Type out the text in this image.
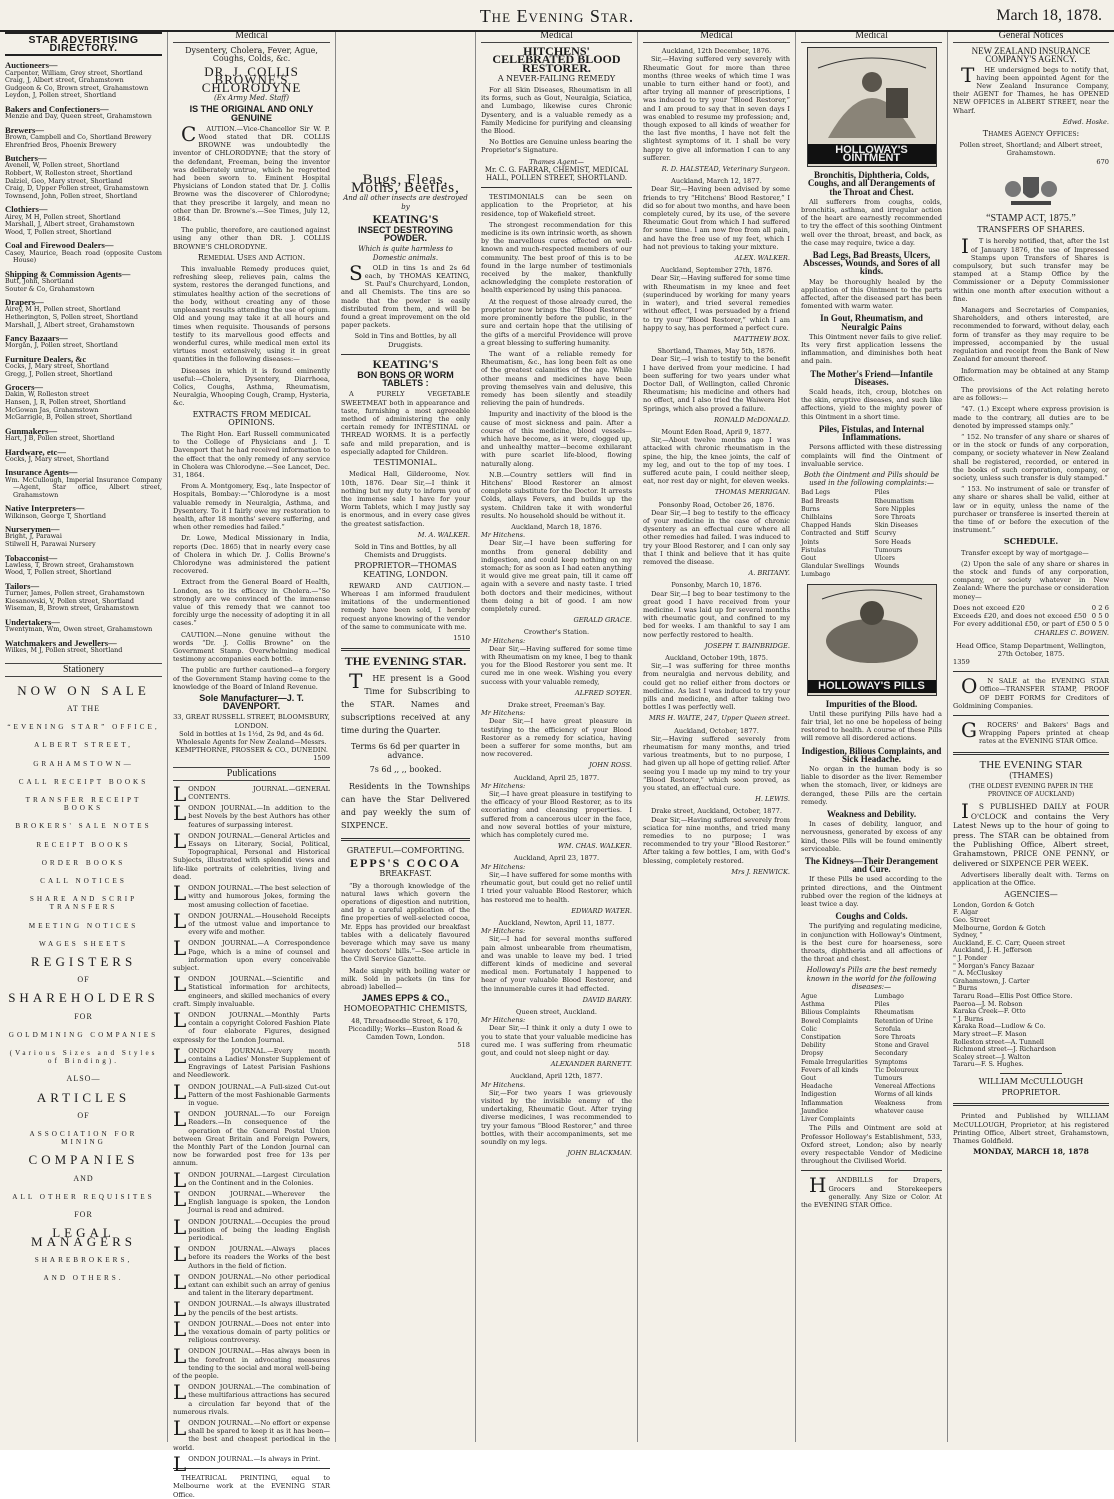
The Evening Star.	March 18, 1878.
STAR ADVERTISING DIRECTORY.
Auctioneers—
Carpenter, William, Grey street, Shortland
Craig, J, Albert street, Grahamstown
Gudgeon & Co, Brown street, Grahamstown
Leydon, J, Pollen street, Shortland
Bakers and Confectioners—
Menzie and Day, Queen street, Grahamstown
Brewers—
Brown, Campbell and Co, Shortland Brewery
Ehrenfried Bros, Phoenix Brewery
Butchers—
Avenell, W, Pollen street, Shortland
Robbert, W, Rolleston street, Shortland
Dalziel, Geo, Mary street, Shortland
Craig, D, Upper Pollen street, Grahamstown
Townsend, John, Pollen street, Shortland
Clothiers—
Airey, M H, Pollen street, Shortland
Marshall, J, Albert street, Grahamstown
Wood, T, Pollen street, Shortland
Coal and Firewood Dealers—
Casey, Maurice, Beach road (opposite Custom House)
Shipping & Commission Agents—
Butt, John, Shortland
Souter & Co, Grahamstown
Drapers—
Airey, M H, Pollen street, Shortland
Hetherington, S, Pollen street, Shortland
Marshall, J, Albert street, Grahamstown
Fancy Bazaars—
Morgan, J, Pollen street, Shortland
Furniture Dealers, &c
Cocks, J, Mary street, Shortland
Gregg, J, Pollen street, Shortland
Grocers—
Dakin, W, Rolleston street
Hansen, J, R, Pollen street, Shortland
McGowan Jas, Grahamstown
McGarrigle, B, Pollen street, Shortland
Gunmakers—
Hart, J B, Pollen street, Shortland
Hardware, etc—
Cocks, J, Mary street, Shortland
Insurance Agents—
Wm. McCullough, Imperial Insurance Company—Agent, Star office, Albert street, Grahamstown
Native Interpreters—
Wilkinson, George T, Shortland
Nurserymen—
Bright, J, Parawai
Stilwell H, Parawai Nursery
Tobacconist—
Lawless, T, Brown street, Grahamstown
Wood, T, Pollen street, Shortland
Tailors—
Turner, James, Pollen street, Grahamstown
Kiesanowski, V, Pollen street, Shortland
Wiseman, B, Brown street, Grahamstown
Undertakers—
Twentyman, Wm, Owen street, Grahamstown
Watchmakers and Jewellers—
Wilkes, M J, Pollen street, Shortland
Stationery
NOW ON SALE
AT THE
“EVENING STAR” OFFICE,
ALBERT STREET,
GRAHAMSTOWN—
CALL RECEIPT BOOKS
TRANSFER RECEIPT BOOKS
BROKERS' SALE NOTES
RECEIPT BOOKS
ORDER BOOKS
CALL NOTICES
SHARE AND SCRIP TRANSFERS
MEETING NOTICES
WAGES SHEETS
REGISTERS
OF
SHAREHOLDERS
FOR
GOLDMINING COMPANIES
(Various Sizes and Styles of Binding).
ALSO—
ARTICLES
OF
ASSOCIATION FOR MINING
COMPANIES
AND
ALL OTHER REQUISITES
FOR
LEGAL MANAGERS
SHAREBROKERS,
AND OTHERS.
Medical
Dysentery, Cholera, Fever, Ague, Coughs, Colds, &c.
DR. J. COLLIS BROWNE'S CHLORODYNE
(Ex Army Med. Staff)
IS THE ORIGINAL AND ONLY GENUINE

CAUTION.—Vice-Chancellor Sir W. P. Wood stated that DR. COLLIS BROWNE was undoubtedly the inventor of CHLORODYNE; that the story of the defendant, Freeman, being the inventor was deliberately untrue, which he regretted had been sworn to. Eminent Hospital Physicians of London stated that Dr. J. Collis Browne was the discoverer of Chlorodyne; that they prescribe it largely, and mean no other than Dr. Browne's.—See Times, July 12, 1864.

The public, therefore, are cautioned against using any other than DR. J. COLLIS BROWNE'S CHLORODYNE.

Remedial Uses and Action.

This invaluable Remedy produces quiet, refreshing sleep, relieves pain, calms the system, restores the deranged functions, and stimulates healthy action of the secretions of the body, without creating any of those unpleasant results attending the use of opium. Old and young may take it at all hours and times when requisite. Thousands of persons testify to its marvellous good effects and wonderful cures, while medical men extol its virtues most extensively, using it in great quantities in the following diseases:—

Diseases in which it is found eminently useful:—Cholera, Dysentery, Diarrhoea, Colics, Coughs, Asthma, Rheumatism, Neuralgia, Whooping Cough, Cramp, Hysteria, &c.

EXTRACTS FROM MEDICAL OPINIONS.

The Right Hon. Earl Russell communicated to the College of Physicians and J. T. Davenport that he had received information to the effect that the only remedy of any service in Cholera was Chlorodyne.—See Lancet, Dec. 31, 1864.

From A. Montgomery, Esq., late Inspector of Hospitals, Bombay:—“Chlorodyne is a most valuable remedy in Neuralgia, Asthma, and Dysentery. To it I fairly owe my restoration to health, after 18 months' severe suffering, and when other remedies had failed.”

Dr. Lowe, Medical Missionary in India, reports (Dec. 1865) that in nearly every case of Cholera in which Dr. J. Collis Browne's Chlorodyne was administered the patient recovered.

Extract from the General Board of Health, London, as to its efficacy in Cholera.—“So strongly are we convinced of the immense value of this remedy that we cannot too forcibly urge the necessity of adopting it in all cases.”

CAUTION.—None genuine without the words “Dr. J. Collis Browne” on the Government Stamp. Overwhelming medical testimony accompanies each bottle.

The public are further cautioned—a forgery of the Government Stamp having come to the knowledge of the Board of Inland Revenue.

Sole Manufacturer—J. T. DAVENPORT.
33, GREAT RUSSELL STREET, BLOOMSBURY, LONDON.
Sold in bottles at 1s 1½d, 2s 9d, and 4s 6d.
Wholesale Agents for New Zealand—Messrs. KEMPTHORNE, PROSSER & CO., DUNEDIN.
1509
Publications

LONDON JOURNAL.—GENERAL CONTENTS.

LONDON JOURNAL.—In addition to the best Novels by the best Authors has other features of surpassing interest.

LONDON JOURNAL.—General Articles and Essays on Literary, Social, Political, Topographical, Personal and Historical Subjects, illustrated with splendid views and life-like portraits of celebrities, living and dead.

LONDON JOURNAL.—The best selection of witty and humorous Jokes, forming the most amusing collection of facetiae.

LONDON JOURNAL.—Household Receipts of the utmost value and importance to every wife and mother.

LONDON JOURNAL.—A Correspondence Page, which is a mine of counsel and information upon every conceivable subject.

LONDON JOURNAL.—Scientific and Statistical information for architects, engineers, and skilled mechanics of every craft. Simply invaluable.

LONDON JOURNAL.—Monthly Parts contain a copyright Colored Fashion Plate of four elaborate Figures, designed expressly for the London Journal.

LONDON JOURNAL.—Every month contains a Ladies' Monster Supplement of Engravings of Latest Parisian Fashions and Needlework.

LONDON JOURNAL.—A Full-sized Cut-out Pattern of the most Fashionable Garments in vogue.

LONDON JOURNAL.—To our Foreign Readers.—In consequence of the operation of the General Postal Union between Great Britain and Foreign Powers, the Monthly Part of the London Journal can now be forwarded post free for 13s per annum.

LONDON JOURNAL.—Largest Circulation on the Continent and in the Colonies.

LONDON JOURNAL.—Wherever the English language is spoken, the London Journal is read and admired.

LONDON JOURNAL.—Occupies the proud position of being the leading English periodical.

LONDON JOURNAL.—Always places before its readers the Works of the best Authors in the field of fiction.

LONDON JOURNAL.—No other periodical extant can exhibit such an array of genius and talent in the literary department.

LONDON JOURNAL.—Is always illustrated by the pencils of the best artists.

LONDON JOURNAL.—Does not enter into the vexatious domain of party politics or religious controversy.

LONDON JOURNAL.—Has always been in the forefront in advocating measures tending to the social and moral well-being of the people.

LONDON JOURNAL.—The combination of these multifarious attractions has secured a circulation far beyond that of the numerous rivals.

LONDON JOURNAL.—No effort or expense shall be spared to keep it as it has been—the best and cheapest periodical in the world.

LONDON JOURNAL.—Is always in Print.

THEATRICAL PRINTING, equal to Melbourne work at the EVENING STAR Office.

Bugs, Fleas, Moths, Beetles,
And all other insects are destroyed by
KEATING'S
INSECT DESTROYING POWDER.
Which is quite harmless to Domestic animals.

SOLD in tins 1s and 2s 6d each, by THOMAS KEATING, St. Paul's Churchyard, London, and all Chemists. The tins are so made that the powder is easily distributed from them, and will be found a great improvement on the old paper packets.

Sold in Tins and Bottles, by all Druggists.
KEATING'S
BON BONS OR WORM TABLETS :

A PURELY VEGETABLE SWEETMEAT both in appearance and taste, furnishing a most agreeable method of administering the only certain remedy for INTESTINAL or THREAD WORMS. It is a perfectly safe and mild preparation, and is especially adapted for Children.

TESTIMONIAL.

Medical Hall, Gilderoome, Nov. 10th, 1876. Dear Sir,—I think it nothing but my duty to inform you of the immense sale I have for your Worm Tablets, which I may justly say is enormous, and in every case gives the greatest satisfaction.

M. A. WALKER.
Sold in Tins and Bottles, by all Chemists and Druggists.
PROPRIETOR—THOMAS KEATING, LONDON.

REWARD AND CAUTION.—Whereas I am informed fraudulent imitations of the undermentioned remedy have been sold, I hereby request anyone knowing of the vendor of the same to communicate with me.

1510
THE EVENING STAR.

THE present is a Good Time for Subscribing to the STAR. Names and subscriptions received at any time during the Quarter.

Terms 6s 6d per quarter in advance.
7s 6d ,, ,, booked.

Residents in the Townships can have the Star Delivered and pay weekly the sum of SIXPENCE.

GRATEFUL—COMFORTING.
EPPS'S COCOA
BREAKFAST.

“By a thorough knowledge of the natural laws which govern the operations of digestion and nutrition, and by a careful application of the fine properties of well-selected cocoa, Mr. Epps has provided our breakfast tables with a delicately flavoured beverage which may save us many heavy doctors' bills.”—See article in the Civil Service Gazette.

Made simply with boiling water or milk. Sold in packets (in tins for abroad) labelled—

JAMES EPPS & CO.,
HOMOEOPATHIC CHEMISTS,
48, Threadneedle Street, & 170, Piccadilly; Works—Euston Road & Camden Town, London.
518
Medical
HITCHENS' CELEBRATED BLOOD RESTORER.
A NEVER-FAILING REMEDY

For all Skin Diseases, Rheumatism in all its forms, such as Gout, Neuralgia, Sciatica, and Lumbago, likewise cures Chronic Dysentery, and is a valuable remedy as a Family Medicine for purifying and cleansing the Blood.

No Bottles are Genuine unless bearing the Proprietor's Signature.

Thames Agent—
Mr. C. G. FARRAR, CHEMIST, MEDICAL HALL, POLLEN STREET, SHORTLAND.

TESTIMONIALS can be seen on application to the Proprietor, at his residence, top of Wakefield street.

The strongest recommendation for this medicine is its own intrinsic worth, as shown by the marvellous cures effected on well-known and much-respected members of our community. The best proof of this is to be found in the large number of testimonials received by the maker, thankfully acknowledging the complete restoration of health experienced by using this panacea.

At the request of those already cured, the proprietor now brings the “Blood Restorer” more prominently before the public, in the sure and certain hope that the utilising of the gifts of a merciful Providence will prove a great blessing to suffering humanity.

The want of a reliable remedy for Rheumatism, &c., has long been felt as one of the greatest calamities of the age. While other means and medicines have been proving themselves vain and delusive, this remedy has been silently and steadily relieving the pain of hundreds.

Impurity and inactivity of the blood is the cause of most sickness and pain. After a course of this medicine, blood vessels—which have become, as it were, clogged up, and unhealthy matter—become exhilarant with pure scarlet life-blood, flowing naturally along.

N.B.—Country settlers will find in Hitchens' Blood Restorer an almost complete substitute for the Doctor. It arrests Colds, allays Fevers, and builds up the system. Children take it with wonderful results. No household should be without it.

Auckland, March 18, 1876.
Mr Hitchens.

Dear Sir,—I have been suffering for months from general debility and indigestion, and could keep nothing on my stomach; for as soon as I had eaten anything it would give me great pain, till it came off again with a severe and nasty taste. I tried both doctors and their medicines, without them doing a bit of good. I am now completely cured.

GERALD GRACE.
Crowther's Station.
Mr Hitchens:

Dear Sir,—Having suffered for some time with Rheumatism on my knee, I beg to thank you for the Blood Restorer you sent me. It cured me in one week. Wishing you every success with your valuable remedy,

ALFRED SOYER.
Drake street, Freeman's Bay.
Mr Hitchens:

Dear Sir,—I have great pleasure in testifying to the efficiency of your Blood Restorer as a remedy for sciatica, having been a sufferer for some months, but am now recovered.

JOHN ROSS.
Auckland, April 25, 1877.
Mr Hitchens:

Sir,—I have great pleasure in testifying to the efficacy of your Blood Restorer, as to its excoriating and cleansing properties. I suffered from a cancerous ulcer in the face, and now several bottles of your mixture, which has completely cured me.

WM. CHAS. WALKER.
Auckland, April 23, 1877.
Mr Hitchens:

Sir,—I have suffered for some months with rheumatic gout, but could get no relief until I tried your valuable Blood Restorer, which has restored me to health.

EDWARD WATER.
Auckland, Newton, April 11, 1877.
Mr Hitchens:

Sir,—I had for several months suffered pain almost unbearable from rheumatism, and was unable to leave my bed. I tried different kinds of medicine and several medical men. Fortunately I happened to hear of your valuable Blood Restorer, and the innumerable cures it had effected.

DAVID BARRY.
Queen street, Auckland.
Mr Hitchens:

Dear Sir,—I think it only a duty I owe to you to state that your valuable medicine has cured me. I was suffering from rheumatic gout, and could not sleep night or day.

ALEXANDER BARNETT.
Auckland, April 12th, 1877.
Mr Hitchens.

Sir,—For two years I was grievously visited by the invisible enemy of the undertaking, Rheumatic Gout. After trying diverse medicines, I was recommended to try your famous “Blood Restorer,” and three bottles, with their accompaniments, set me soundly on my legs.

JOHN BLACKMAN.
Medical
Auckland, 12th December, 1876.

Sir,—Having suffered very severely with Rheumatic Gout for more than three months (three weeks of which time I was unable to turn either hand or foot), and after trying all manner of prescriptions, I was induced to try your “Blood Restorer,” and I am proud to say that in seven days I was enabled to resume my profession; and, though exposed to all kinds of weather for the last five months, I have not felt the slightest symptoms of it. I shall be very happy to give all information I can to any sufferer.

R. D. HALSTEAD, Veterinary Surgeon.
Auckland, March 12, 1877.

Dear Sir,—Having been advised by some friends to try “Hitchens' Blood Restorer,” I did so for about two months, and have been completely cured, by its use, of the severe Rheumatic Gout from which I had suffered for some time. I am now free from all pain, and have the free use of my feet, which I had not previous to taking your mixture.

ALEX. WALKER.
Auckland, September 27th, 1876.

Dear Sir,—Having suffered for some time with Rheumatism in my knee and feet (superinduced by working for many years in water), and tried several remedies without effect, I was persuaded by a friend to try your “Blood Restorer,” which I am happy to say, has performed a perfect cure.

MATTHEW BOX.
Shortland, Thames, May 5th, 1876.

Dear Sir,—I wish to testify to the benefit I have derived from your medicine. I had been suffering for two years under what Doctor Dall, of Wellington, called Chronic Rheumatism; his medicine and others had no effect, and I also tried the Waiwera Hot Springs, which also proved a failure.

RONALD McDONALD.
Mount Eden Road, April 9, 1877.

Sir,—About twelve months ago I was attacked with chronic rheumatism in the spine, the hip, the knee joints, the calf of my leg, and out to the top of my toes. I suffered acute pain, I could neither sleep, eat, nor rest day or night, for eleven weeks.

THOMAS MERRIGAN.
Ponsonby Road, October 26, 1876.

Dear Sir,—I beg to testify to the efficacy of your medicine in the case of chronic dysentery as an effectual cure where all other remedies had failed. I was induced to try your Blood Restorer, and I can only say that I think and believe that it has quite removed the disease.

A. BRITANY.
Ponsonby, March 10, 1876.

Dear Sir,—I beg to bear testimony to the great good I have received from your medicine. I was laid up for several months with rheumatic gout, and confined to my bed for weeks. I am thankful to say I am now perfectly restored to health.

JOSEPH T. BAINBRIDGE.
Auckland, October 19th, 1875.

Sir,—I was suffering for three months from neuralgia and nervous debility, and could get no relief either from doctors or medicine. As last I was induced to try your pills and medicine, and after taking two bottles I was perfectly well.

MRS H. WAITE, 247, Upper Queen street.
Auckland, October, 1877.

Sir,—Having suffered severely from rheumatism for many months, and tried various treatments, but to no purpose, I had given up all hope of getting relief. After seeing you I made up my mind to try your “Blood Restorer,” which soon proved, as you stated, an effectual cure.

H. LEWIS.
Drake street, Auckland, October, 1877.

Dear Sir,—Having suffered severely from sciatica for nine months, and tried many remedies to no purpose; I was recommended to try your “Blood Restorer.” After taking a few bottles, I am, with God's blessing, completely restored.

Mrs J. RENWICK.
Medical
HOLLOWAY'S OINTMENT
Bronchitis, Diphtheria, Colds, Coughs, and all Derangements of the Throat and Chest.

All sufferers from coughs, colds, bronchitis, asthma, and irregular action of the heart are earnestly recommended to try the effect of this soothing Ointment well over the throat, breast, and back, as the case may require, twice a day.

Bad Legs, Bad Breasts, Ulcers, Abscesses, Wounds, and Sores of all kinds.

May be thoroughly healed by the application of this Ointment to the parts affected, after the diseased part has been fomented with warm water.

In Gout, Rheumatism, and Neuralgic Pains

This Ointment never fails to give relief. Its very first application lessens the inflammation, and diminishes both heat and pain.

The Mother's Friend—Infantile Diseases.

Scald heads, itch, croup, blotches on the skin, eruptive diseases, and such like affections, yield to the mighty power of this Ointment in a short time.

Piles, Fistulas, and Internal Inflammations.

Persons afflicted with these distressing complaints will find the Ointment of invaluable service.

Both the Ointment and Pills should be used in the following complaints:—
Bad Legs
Bad Breasts
Burns
Chilblains
Chapped Hands
Contracted and Stiff Joints
Fistulas
Gout
Glandular Swellings
Lumbago
Piles
Rheumatism
Sore Nipples
Sore Throats
Skin Diseases
Scurvy
Sore Heads
Tumours
Ulcers
Wounds
HOLLOWAY'S PILLS
Impurities of the Blood.

Until these purifying Pills have had a fair trial, let no one be hopeless of being restored to health. A course of these Pills will remove all disordered actions.

Indigestion, Bilious Complaints, and Sick Headache.

No organ in the human body is so liable to disorder as the liver. Remember when the stomach, liver, or kidneys are deranged, these Pills are the certain remedy.

Weakness and Debility.

In cases of debility, languor, and nervousness, generated by excess of any kind, these Pills will be found eminently serviceable.

The Kidneys—Their Derangement and Cure.

If these Pills be used according to the printed directions, and the Ointment rubbed over the region of the kidneys at least twice a day.

Coughs and Colds.

The purifying and regulating medicine, in conjunction with Holloway's Ointment, is the best cure for hoarseness, sore throats, diphtheria and all affections of the throat and chest.

Holloway's Pills are the best remedy known in the world for the following diseases:—
Ague
Asthma
Bilious Complaints
Bowel Complaints
Colic
Constipation
Debility
Dropsy
Female Irregularities
Fevers of all kinds
Gout
Headache
Indigestion
Inflammation
Jaundice
Liver Complaints
Lumbago
Piles
Rheumatism
Retention of Urine
Scrofula
Sore Throats
Stone and Gravel
Secondary Symptoms
Tic Doloureux
Tumours
Venereal Affections
Worms of all kinds
Weakness from whatever cause

The Pills and Ointment are sold at Professor Holloway's Establishment, 533, Oxford street, London; also by nearly every respectable Vendor of Medicine throughout the Civilised World.

HANDBILLS for Drapers, Grocers and Storekeepers generally. Any Size or Color. At the EVENING STAR Office.

General Notices
NEW ZEALAND INSURANCE COMPANY'S AGENCY.

THE undersigned begs to notify that, having been appointed Agent for the New Zealand Insurance Company, their AGENT for Thames, he has OPENED NEW OFFICES in ALBERT STREET, near the Wharf.

Edwd. Hoske.
Thames Agency Offices:
Pollen street, Shortland; and Albert street, Grahamstown.
670
“STAMP ACT, 1875.”
TRANSFERS OF SHARES.

IT is hereby notified, that, after the 1st of January 1876, the use of Impressed Stamps upon Transfers of Shares is compulsory, but such transfer may be stamped at a Stamp Office by the Commissioner or a Deputy Commissioner within one month after execution without a fine.

Managers and Secretaries of Companies, Shareholders, and others interested, are recommended to forward, without delay, each form of transfer as they may require to be impressed, accompanied by the usual regulation and receipt from the Bank of New Zealand for amount thereof.

Information may be obtained at any Stamp Office.

The provisions of the Act relating hereto are as follows:—

“47. (1.) Except where express provision is made to the contrary, all duties are to be denoted by impressed stamps only.”

“ 152. No transfer of any share or shares of or in the stock or funds of any corporation, company, or society whatever in New Zealand shall be registered, recorded, or entered in the books of such corporation, company, or society, unless such transfer is duly stamped.”

“ 153. No instrument of sale or transfer of any share or shares shall be valid, either at law or in equity, unless the name of the purchaser or transferee is inserted therein at the time of or before the execution of the instrument.”

SCHEDULE.

Transfer except by way of mortgage—

(2) Upon the sale of any share or shares in the stock and funds of any corporation, company, or society whatever in New Zealand: Where the purchase or consideration money—

Does not exceed £20	0 2 6
Exceeds £20, and does not exceed £50 0 5 0
For every additional £50, or part of £50 0 5 0
CHARLES C. BOWEN.
Head Office, Stamp Department, Wellington, 27th October, 1875.
1359

ON SALE at the EVENING STAR Office—TRANSFER STAMP, PROOF OF DEBT FORMS for Creditors of Goldmining Companies.

GROCERS' and Bakers' Bags and Wrapping Papers printed at cheap rates at the EVENING STAR Office.

THE EVENING STAR
(THAMES)
(THE OLDEST EVENING PAPER IN THE PROVINCE OF AUCKLAND)

IS PUBLISHED DAILY at FOUR O'CLOCK and contains the Very Latest News up to the hour of going to press. The STAR can be obtained from the Publishing Office, Albert street, Grahamstown, PRICE ONE PENNY, or delivered or SIXPENCE PER WEEK.

Advertisers liberally dealt with. Terms on application at the Office.

AGENCIES—
London, Gordon & Gotch
F. Algar
Geo. Street
Melbourne, Gordon & Gotch
Sydney, "
Auckland, E. C. Carr, Queen street
Auckland, J. H. Jefferson
" J. Ponder
" Morgan's Fancy Bazaar
" A. McCluskey
Grahamstown, J. Carter
" Burns
Tararu Road—Ellis Post Office Store.
Paeroa—J. M. Robson
Karaka Creek—F. Otto
" J. Burns
Karaka Road—Ludlow & Co.
Mary street—F. Mason
Rolleston street—A. Tunnell
Richmond street—J. Richardson
Scaley street—J. Walton
Tararu—F. S. Hughes.
WILLIAM McCULLOUGH
PROPRIETOR.

Printed and Published by WILLIAM McCULLOUGH, Proprietor, at his registered Printing Office, Albert street, Grahamstown, Thames Goldfield.

MONDAY, MARCH 18, 1878
